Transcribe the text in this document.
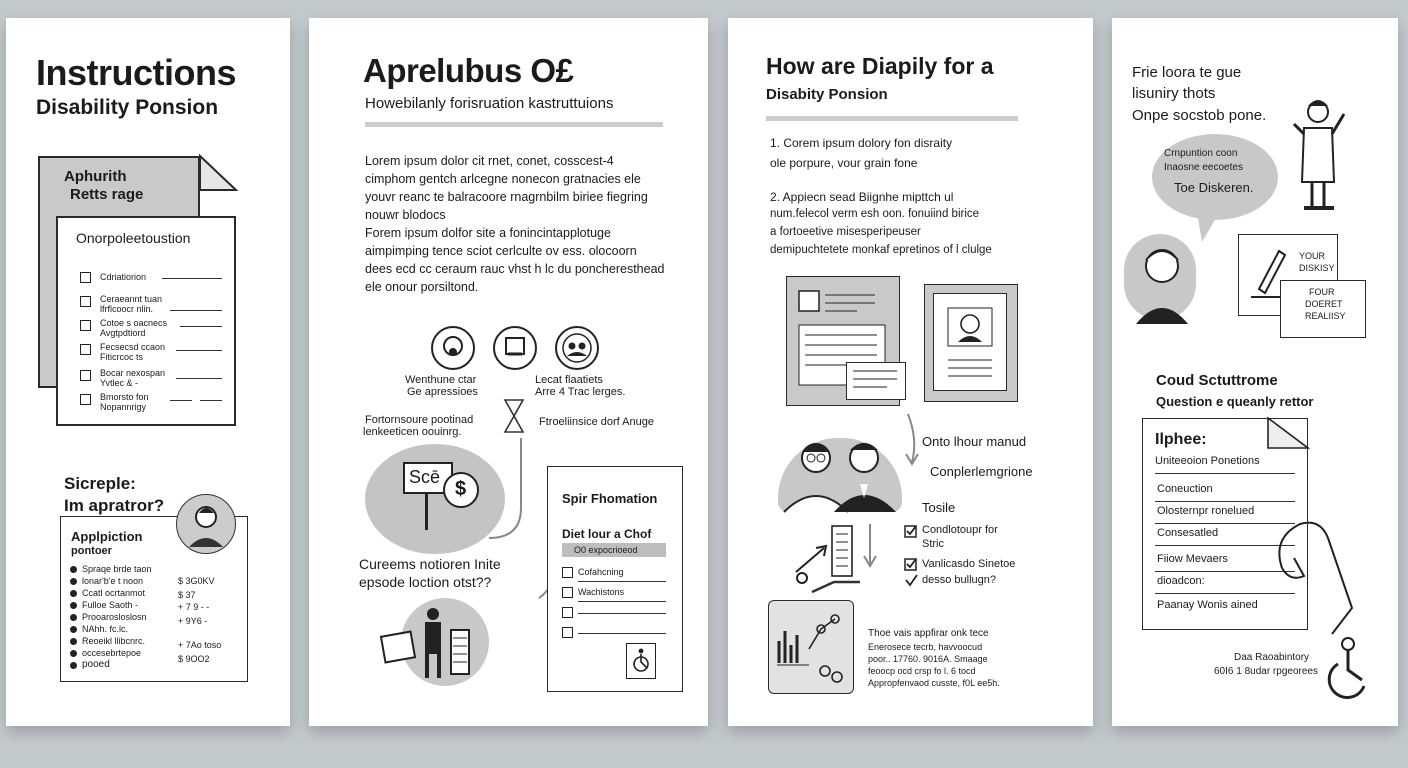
Instructions
Disability Ponsion
Aphurith
Retts rage
Onorpoleetoustion
Cdriatiorion
Ceraeannt tuan
lfrflcoocr nlin.
Cotoe s oacnecs
Avgtpdtiord
Fecsecsd ccaon
Fiticrcoc ts
Bocar nexospan
Yvtlec & -
Bmorsto fon
Nopannrigy
Sicreple:
Im apratror?
Applpiction
pontoer
Spraqe brde taon
lonar'b'e t noon
Ccatl ocrtanmot
Fulloe Saoth -
Prooarosloslosn
NAhh. fc.lc.
Reoeikl llibcnrc.
occesebrtepoe
pooed
$ 3G0KV
$ 37
+ 7 9 - -
+ 9Y6 -
+ 7Ao toso
$ 9OO2
Aprelubus O£
Howebilanly forisruation kastruttuions
Lorem ipsum dolor cit rnet, conet, cosscest-4
cimphom gentch arlcegne nonecon gratnacies ele
youvr reanc te balracoore rnagrnbilm biriee fiegring
nouwr blodocs
Forem ipsum dolfor site a fonincintapplotuge
aimpimping tence sciot cerlculte ov ess. olocoorn
dees ecd cc ceraum rauc vhst h lc du poncheresthead
ele onour porsiltond.
Wenthune ctar
Ge apressioes
Lecat flaatiets
Arre 4 Trac lerges.
Fortornsoure pootinad
lenkeeticen oouinrg.
Ftroeliinsice dorf Anuge
Scē
$
Cureems notioren Inite
epsode loction otst??
Spir Fhomation
Diet lour a Chof
O0 expocrioeod
Cofahcning
Wachistons
How are Diapily for a
Disabity Ponsion
1. Corem ipsum dolory fon disraity
ole porpure, vour grain fone
2. Appiecn sead Biignhe mipttch ul
num.felecol verm esh oon. fonuiind birice
a fortoeetive misesperipeuser
demipuchtetete monkaf epretinos of l clulge
Onto lhour manud
Conplerlemgrione
Tosile
Condlotoupr for
Stric
Vanlicasdo Sinetoe
desso bullugn?
Thoe vais appfirar onk tece
Enerosece tecrb, havvoocud
poor.. 17760. 9016A. Smaage
feoocp ocd crsp fo l. 6 tocd
Appropfenvaod cusste, f0L ee5h.
Frie loora te gue
lisuniry thots
Onpe socstob pone.
Crnpuntion coon
Inaosne eecoetes
Toe Diskeren.
YOUR
DISKISY
FOUR
DOERET
REALIISY
Coud Sctuttrome
Question e queanly rettor
Ilphee:
Uniteeoion Ponetions
Coneuction
Olosternpr ronelued
Consesatled
Fiiow Mevaers
dioadcon:
Paanay Wonis ained
Daa Raoabintory
60I6 1 8udar rpgeorees
